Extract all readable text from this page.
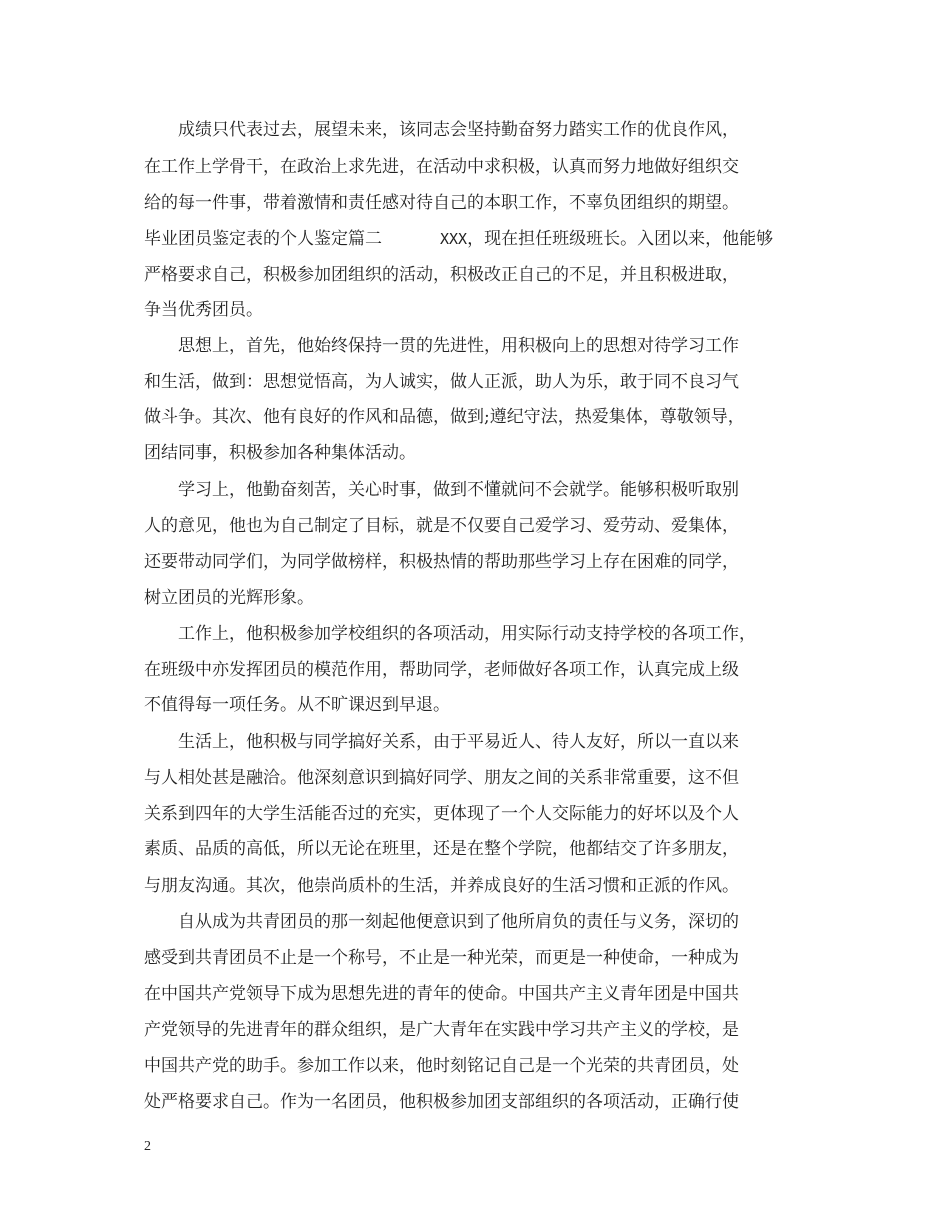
成绩只代表过去，展望未来，该同志会坚持勤奋努力踏实工作的优良作风，
在工作上学骨干，在政治上求先进，在活动中求积极，认真而努力地做好组织交
给的每一件事，带着激情和责任感对待自己的本职工作，不辜负团组织的期望。
毕业团员鉴定表的个人鉴定篇二	XXX，现在担任班级班长。入团以来，他能够
严格要求自己，积极参加团组织的活动，积极改正自己的不足，并且积极进取，
争当优秀团员。
思想上，首先，他始终保持一贯的先进性，用积极向上的思想对待学习工作
和生活，做到：思想觉悟高，为人诚实，做人正派，助人为乐，敢于同不良习气
做斗争。其次、他有良好的作风和品德，做到;遵纪守法，热爱集体，尊敬领导，
团结同事，积极参加各种集体活动。
学习上，他勤奋刻苦，关心时事，做到不懂就问不会就学。能够积极听取别
人的意见，他也为自己制定了目标，就是不仅要自己爱学习、爱劳动、爱集体，
还要带动同学们，为同学做榜样，积极热情的帮助那些学习上存在困难的同学，
树立团员的光辉形象。
工作上，他积极参加学校组织的各项活动，用实际行动支持学校的各项工作，
在班级中亦发挥团员的模范作用，帮助同学，老师做好各项工作，认真完成上级
不值得每一项任务。从不旷课迟到早退。
生活上，他积极与同学搞好关系，由于平易近人、待人友好，所以一直以来
与人相处甚是融洽。他深刻意识到搞好同学、朋友之间的关系非常重要，这不但
关系到四年的大学生活能否过的充实，更体现了一个人交际能力的好坏以及个人
素质、品质的高低，所以无论在班里，还是在整个学院，他都结交了许多朋友，
与朋友沟通。其次，他崇尚质朴的生活，并养成良好的生活习惯和正派的作风。
自从成为共青团员的那一刻起他便意识到了他所肩负的责任与义务，深切的
感受到共青团员不止是一个称号，不止是一种光荣，而更是一种使命，一种成为
在中国共产党领导下成为思想先进的青年的使命。中国共产主义青年团是中国共
产党领导的先进青年的群众组织，是广大青年在实践中学习共产主义的学校，是
中国共产党的助手。参加工作以来，他时刻铭记自己是一个光荣的共青团员，处
处严格要求自己。作为一名团员，他积极参加团支部组织的各项活动，正确行使
2
